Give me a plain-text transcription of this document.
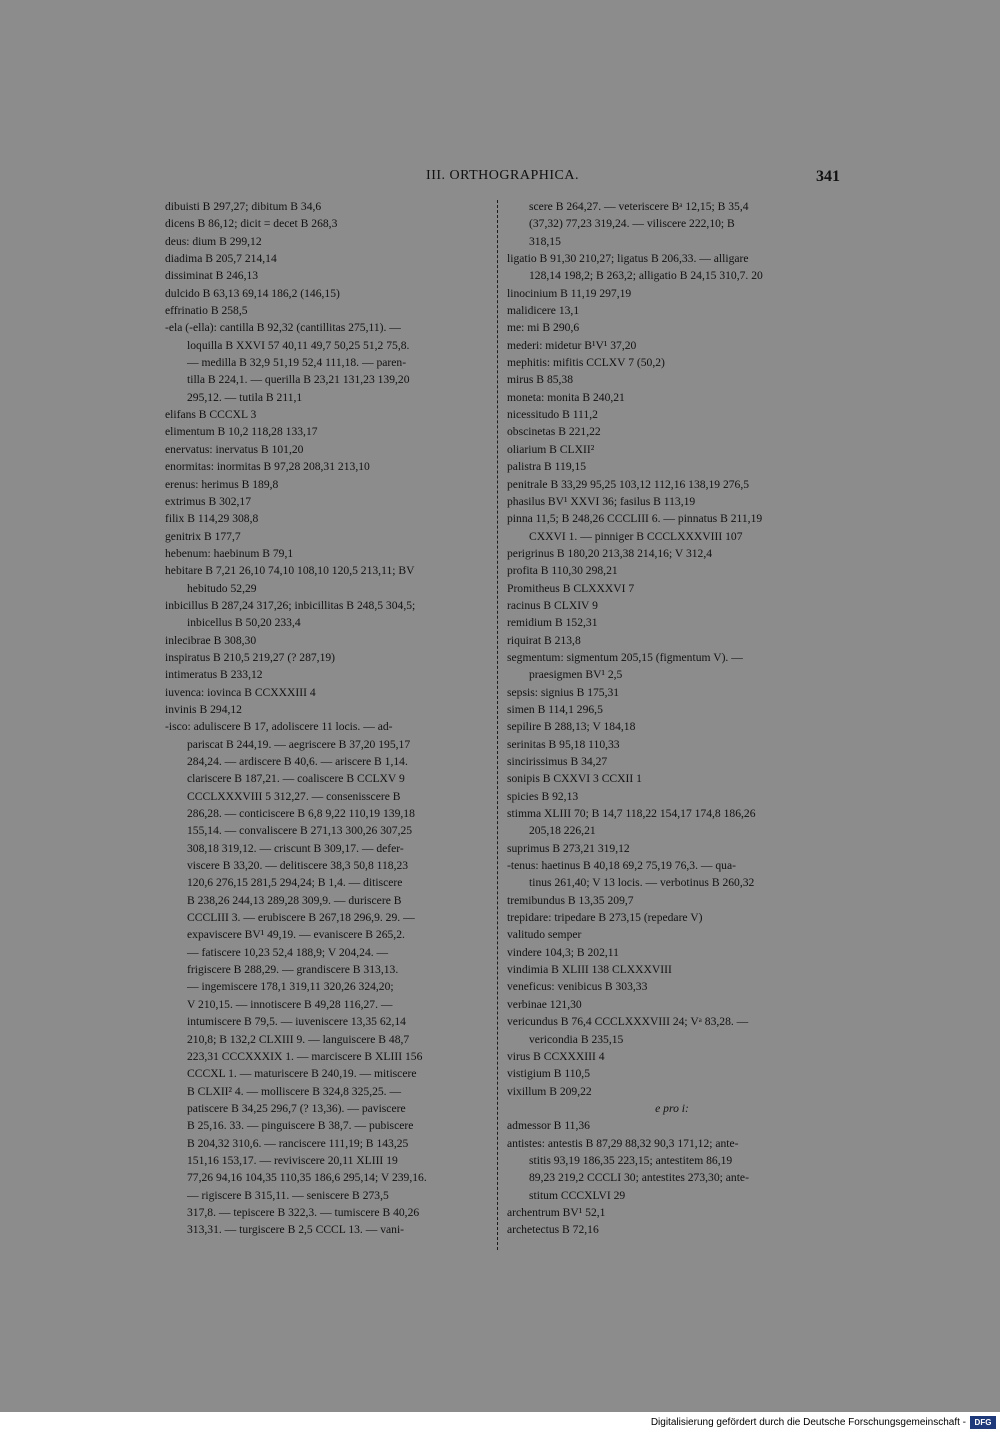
III. ORTHOGRAPHICA.	341
dibuisti B 297,27; dibitum B 34,6
dicens B 86,12; dicit = decet B 268,3
deus: dium B 299,12
diadima B 205,7 214,14
dissiminat B 246,13
dulcido B 63,13 69,14 186,2 (146,15)
effrinatio B 258,5
-ela (-ella): cantilla B 92,32 (cantillitas 275,11). —
loquilla B XXVI 57 40,11 49,7 50,25 51,2 75,8.
— medilla B 32,9 51,19 52,4 111,18. — paren-
tilla B 224,1. — querilla B 23,21 131,23 139,20
295,12. — tutila B 211,1
elifans B CCCXL 3
elimentum B 10,2 118,28 133,17
enervatus: inervatus B 101,20
enormitas: inormitas B 97,28 208,31 213,10
erenus: herimus B 189,8
extrimus B 302,17
filix B 114,29 308,8
genitrix B 177,7
hebenum: haebinum B 79,1
hebitare B 7,21 26,10 74,10 108,10 120,5 213,11; BV
hebitudo 52,29
inbicillus B 287,24 317,26; inbicillitas B 248,5 304,5;
inbicellus B 50,20 233,4
inlecibrae B 308,30
inspiratus B 210,5 219,27 (? 287,19)
intimeratus B 233,12
iuvenca: iovinca B CCXXXIII 4
invinis B 294,12
-isco: aduliscere B 17, adoliscere 11 locis. — ad-
pariscat B 244,19. — aegriscere B 37,20 195,17
284,24. — ardiscere B 40,6. — ariscere B 1,14.
clariscere B 187,21. — coaliscere B CCLXV 9
CCCLXXXVIII 5 312,27. — consenisscere B
286,28. — conticiscere B 6,8 9,22 110,19 139,18
155,14. — convaliscere B 271,13 300,26 307,25
308,18 319,12. — criscunt B 309,17. — defer-
viscere B 33,20. — delitiscere 38,3 50,8 118,23
120,6 276,15 281,5 294,24; B 1,4. — ditiscere
B 238,26 244,13 289,28 309,9. — duriscere B
CCCLIII 3. — erubiscere B 267,18 296,9. 29. —
expaviscere BV¹ 49,19. — evaniscere B 265,2.
— fatiscere 10,23 52,4 188,9; V 204,24. —
frigiscere B 288,29. — grandiscere B 313,13.
— ingemiscere 178,1 319,11 320,26 324,20;
V 210,15. — innotiscere B 49,28 116,27. —
intumiscere B 79,5. — iuveniscere 13,35 62,14
210,8; B 132,2 CLXIII 9. — languiscere B 48,7
223,31 CCCXXXIX 1. — marciscere B XLIII 156
CCCXL 1. — maturiscere B 240,19. — mitiscere
B CLXII² 4. — molliscere B 324,8 325,25. —
patiscere B 34,25 296,7 (? 13,36). — paviscere
B 25,16. 33. — pinguiscere B 38,7. — pubiscere
B 204,32 310,6. — ranciscere 111,19; B 143,25
151,16 153,17. — reviviscere 20,11 XLIII 19
77,26 94,16 104,35 110,35 186,6 295,14; V 239,16.
— rigiscere B 315,11. — seniscere B 273,5
317,8. — tepiscere B 322,3. — tumiscere B 40,26
313,31. — turgiscere B 2,5 CCCL 13. — vani-
scere B 264,27. — veteriscere Bᵃ 12,15; B 35,4
(37,32) 77,23 319,24. — viliscere 222,10; B
318,15
ligatio B 91,30 210,27; ligatus B 206,33. — alligare
128,14 198,2; B 263,2; alligatio B 24,15 310,7. 20
linocinium B 11,19 297,19
malidicere 13,1
me: mi B 290,6
mederi: midetur B¹V¹ 37,20
mephitis: mifitis CCLXV 7 (50,2)
mirus B 85,38
moneta: monita B 240,21
nicessitudo B 111,2
obscinetas B 221,22
oliarium B CLXII²
palistra B 119,15
penitrale B 33,29 95,25 103,12 112,16 138,19 276,5
phasilus BV¹ XXVI 36; fasilus B 113,19
pinna 11,5; B 248,26 CCCLIII 6. — pinnatus B 211,19
CXXVI 1. — pinniger B CCCLXXXVIII 107
perigrinus B 180,20 213,38 214,16; V 312,4
profita B 110,30 298,21
Promitheus B CLXXXVI 7
racinus B CLXIV 9
remidium B 152,31
riquirat B 213,8
segmentum: sigmentum 205,15 (figmentum V). —
praesigmen BV¹ 2,5
sepsis: signius B 175,31
simen B 114,1 296,5
sepilire B 288,13; V 184,18
serinitas B 95,18 110,33
sincirissimus B 34,27
sonipis B CXXVI 3 CCXII 1
spicies B 92,13
stimma XLIII 70; B 14,7 118,22 154,17 174,8 186,26
205,18 226,21
suprimus B 273,21 319,12
-tenus: haetinus B 40,18 69,2 75,19 76,3. — qua-
tinus 261,40; V 13 locis. — verbotinus B 260,32
tremibundus B 13,35 209,7
trepidare: tripedare B 273,15 (repedare V)
valitudo semper
vindere 104,3; B 202,11
vindimia B XLIII 138 CLXXXVIII
veneficus: venibicus B 303,33
verbinae 121,30
vericundus B 76,4 CCCLXXXVIII 24; Vᵃ 83,28. —
vericondia B 235,15
virus B CCXXXIII 4
vistigium B 110,5
vixillum B 209,22
e pro i:
admessor B 11,36
antistes: antestis B 87,29 88,32 90,3 171,12; ante-
stitis 93,19 186,35 223,15; antestitem 86,19
89,23 219,2 CCCLI 30; antestites 273,30; ante-
stitum CCCXLVI 29
archentrum BV¹ 52,1
archetectus B 72,16
Digitalisierung gefördert durch die Deutsche Forschungsgemeinschaft -	DFG
